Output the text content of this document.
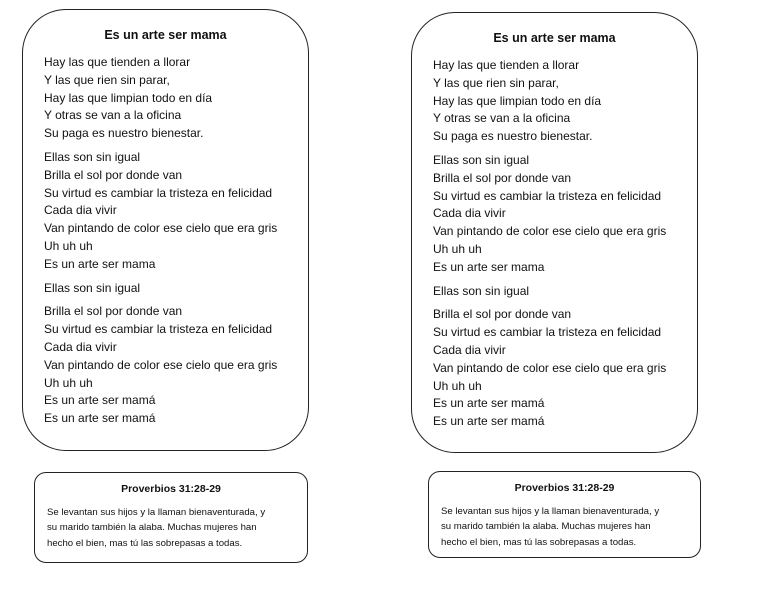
Es un arte ser mama
Hay las que tienden a llorar
Y las que rien sin parar,
Hay las que limpian todo en día
Y otras se van a la oficina
Su paga es nuestro bienestar.
Ellas son sin igual
Brilla el sol por donde van
Su virtud es cambiar la tristeza en felicidad
Cada dia vivir
Van pintando de color ese cielo que era gris
Uh uh uh
Es un arte ser mama
Ellas son sin igual
Brilla el sol por donde van
Su virtud es cambiar la tristeza en felicidad
Cada dia vivir
Van pintando de color ese cielo que era gris
Uh uh uh
Es un arte ser mamá
Es un arte ser mamá
Es un arte ser mama
Hay las que tienden a llorar
Y las que rien sin parar,
Hay las que limpian todo en día
Y otras se van a la oficina
Su paga es nuestro bienestar.
Ellas son sin igual
Brilla el sol por donde van
Su virtud es cambiar la tristeza en felicidad
Cada dia vivir
Van pintando de color ese cielo que era gris
Uh uh uh
Es un arte ser mama
Ellas son sin igual
Brilla el sol por donde van
Su virtud es cambiar la tristeza en felicidad
Cada dia vivir
Van pintando de color ese cielo que era gris
Uh uh uh
Es un arte ser mamá
Es un arte ser mamá
Proverbios 31:28-29
Se levantan sus hijos y la llaman bienaventurada, y
su marido también la alaba. Muchas mujeres han
hecho el bien, mas tú las sobrepasas a todas.
Proverbios 31:28-29
Se levantan sus hijos y la llaman bienaventurada, y
su marido también la alaba. Muchas mujeres han
hecho el bien, mas tú las sobrepasas a todas.
